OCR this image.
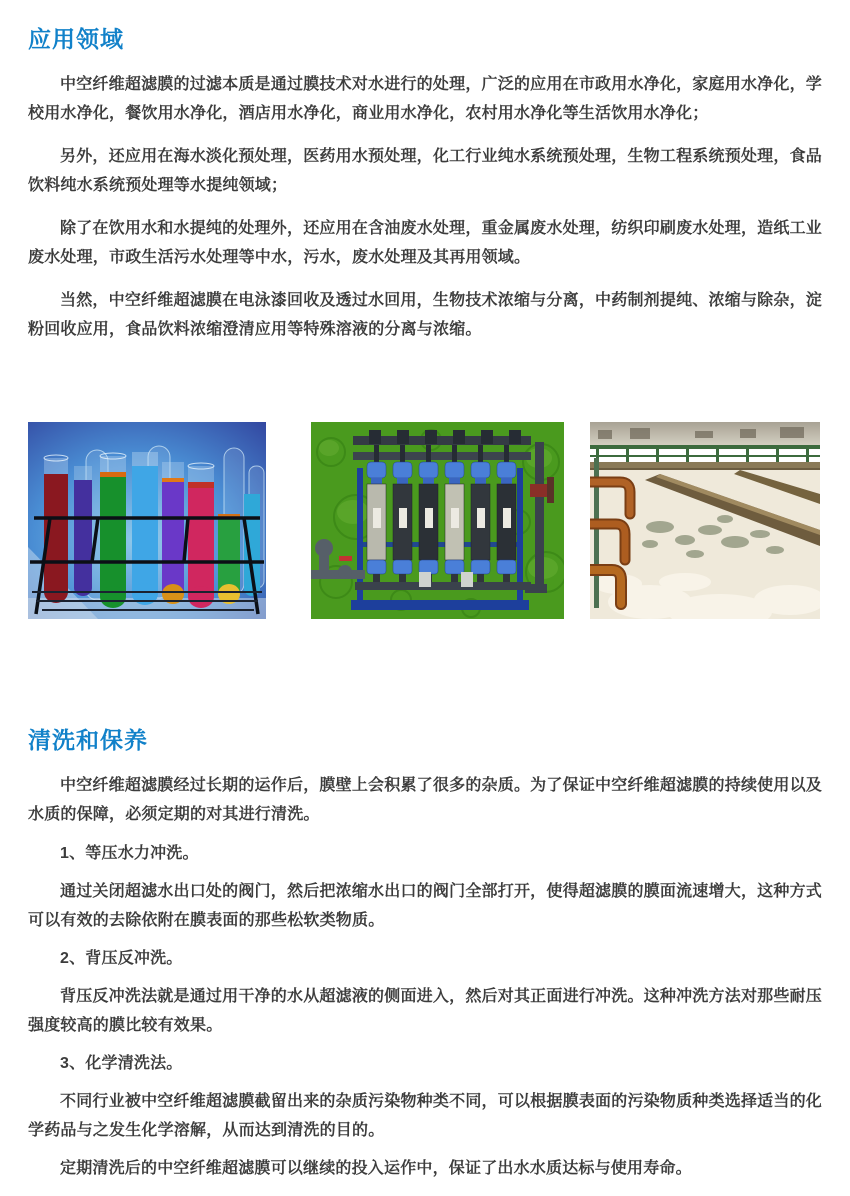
应用领域

中空纤维超滤膜的过滤本质是通过膜技术对水进行的处理，广泛的应用在市政用水净化，家庭用水净化，学校用水净化，餐饮用水净化，酒店用水净化，商业用水净化，农村用水净化等生活饮用水净化；

另外，还应用在海水淡化预处理，医药用水预处理，化工行业纯水系统预处理，生物工程系统预处理，食品饮料纯水系统预处理等水提纯领域；

除了在饮用水和水提纯的处理外，还应用在含油废水处理，重金属废水处理，纺织印刷废水处理，造纸工业废水处理，市政生活污水处理等中水，污水，废水处理及其再用领域。

当然，中空纤维超滤膜在电泳漆回收及透过水回用，生物技术浓缩与分离，中药制剂提纯、浓缩与除杂，淀粉回收应用，食品饮料浓缩澄清应用等特殊溶液的分离与浓缩。

清洗和保养

中空纤维超滤膜经过长期的运作后，膜壁上会积累了很多的杂质。为了保证中空纤维超滤膜的持续使用以及水质的保障，必须定期的对其进行清洗。

1、等压水力冲洗。

通过关闭超滤水出口处的阀门，然后把浓缩水出口的阀门全部打开，使得超滤膜的膜面流速增大，这种方式可以有效的去除依附在膜表面的那些松软类物质。

2、背压反冲洗。

背压反冲洗法就是通过用干净的水从超滤液的侧面进入，然后对其正面进行冲洗。这种冲洗方法对那些耐压强度较高的膜比较有效果。

3、化学清洗法。

不同行业被中空纤维超滤膜截留出来的杂质污染物种类不同，可以根据膜表面的污染物质种类选择适当的化学药品与之发生化学溶解，从而达到清洗的目的。

定期清洗后的中空纤维超滤膜可以继续的投入运作中，保证了出水水质达标与使用寿命。
